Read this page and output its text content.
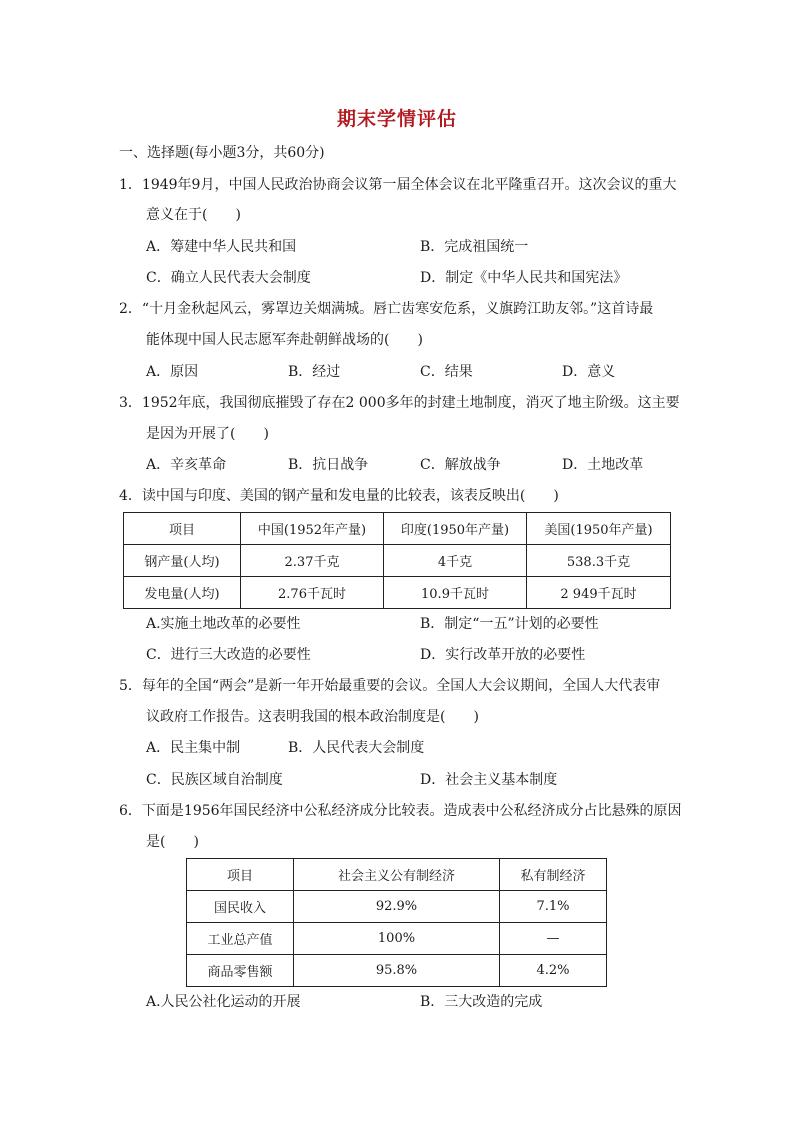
期末学情评估
一、选择题(每小题3分，共60分)
1．1949年9月，中国人民政治协商会议第一届全体会议在北平隆重召开。这次会议的重大
意义在于(　　)
A．筹建中华人民共和国	B．完成祖国统一
C．确立人民代表大会制度	D．制定《中华人民共和国宪法》
2．“十月金秋起风云，雾罩边关烟满城。唇亡齿寒安危系，义旗跨江助友邻。”这首诗最
能体现中国人民志愿军奔赴朝鲜战场的(　　)
A．原因	B．经过	C．结果	D．意义
3．1952年底，我国彻底摧毁了存在2 000多年的封建土地制度，消灭了地主阶级。这主要
是因为开展了(　　)
A．辛亥革命	B．抗日战争	C．解放战争	D．土地改革
4．读中国与印度、美国的钢产量和发电量的比较表，该表反映出(　　)
项目	中国(1952年产量)	印度(1950年产量)	美国(1950年产量)
钢产量(人均)	2.37千克	4千克	538.3千克
发电量(人均)	2.76千瓦时	10.9千瓦时	2 949千瓦时
A.实施土地改革的必要性	B．制定“一五”计划的必要性
C．进行三大改造的必要性	D．实行改革开放的必要性
5．每年的全国“两会”是新一年开始最重要的会议。全国人大会议期间，全国人大代表审
议政府工作报告。这表明我国的根本政治制度是(　　)
A．民主集中制	B．人民代表大会制度
C．民族区域自治制度	D．社会主义基本制度
6．下面是1956年国民经济中公私经济成分比较表。造成表中公私经济成分占比悬殊的原因
是(　　)
项目	社会主义公有制经济	私有制经济
国民收入	92.9%	7.1%
工业总产值	100%	—
商品零售额	95.8%	4.2%
A.人民公社化运动的开展	B．三大改造的完成
